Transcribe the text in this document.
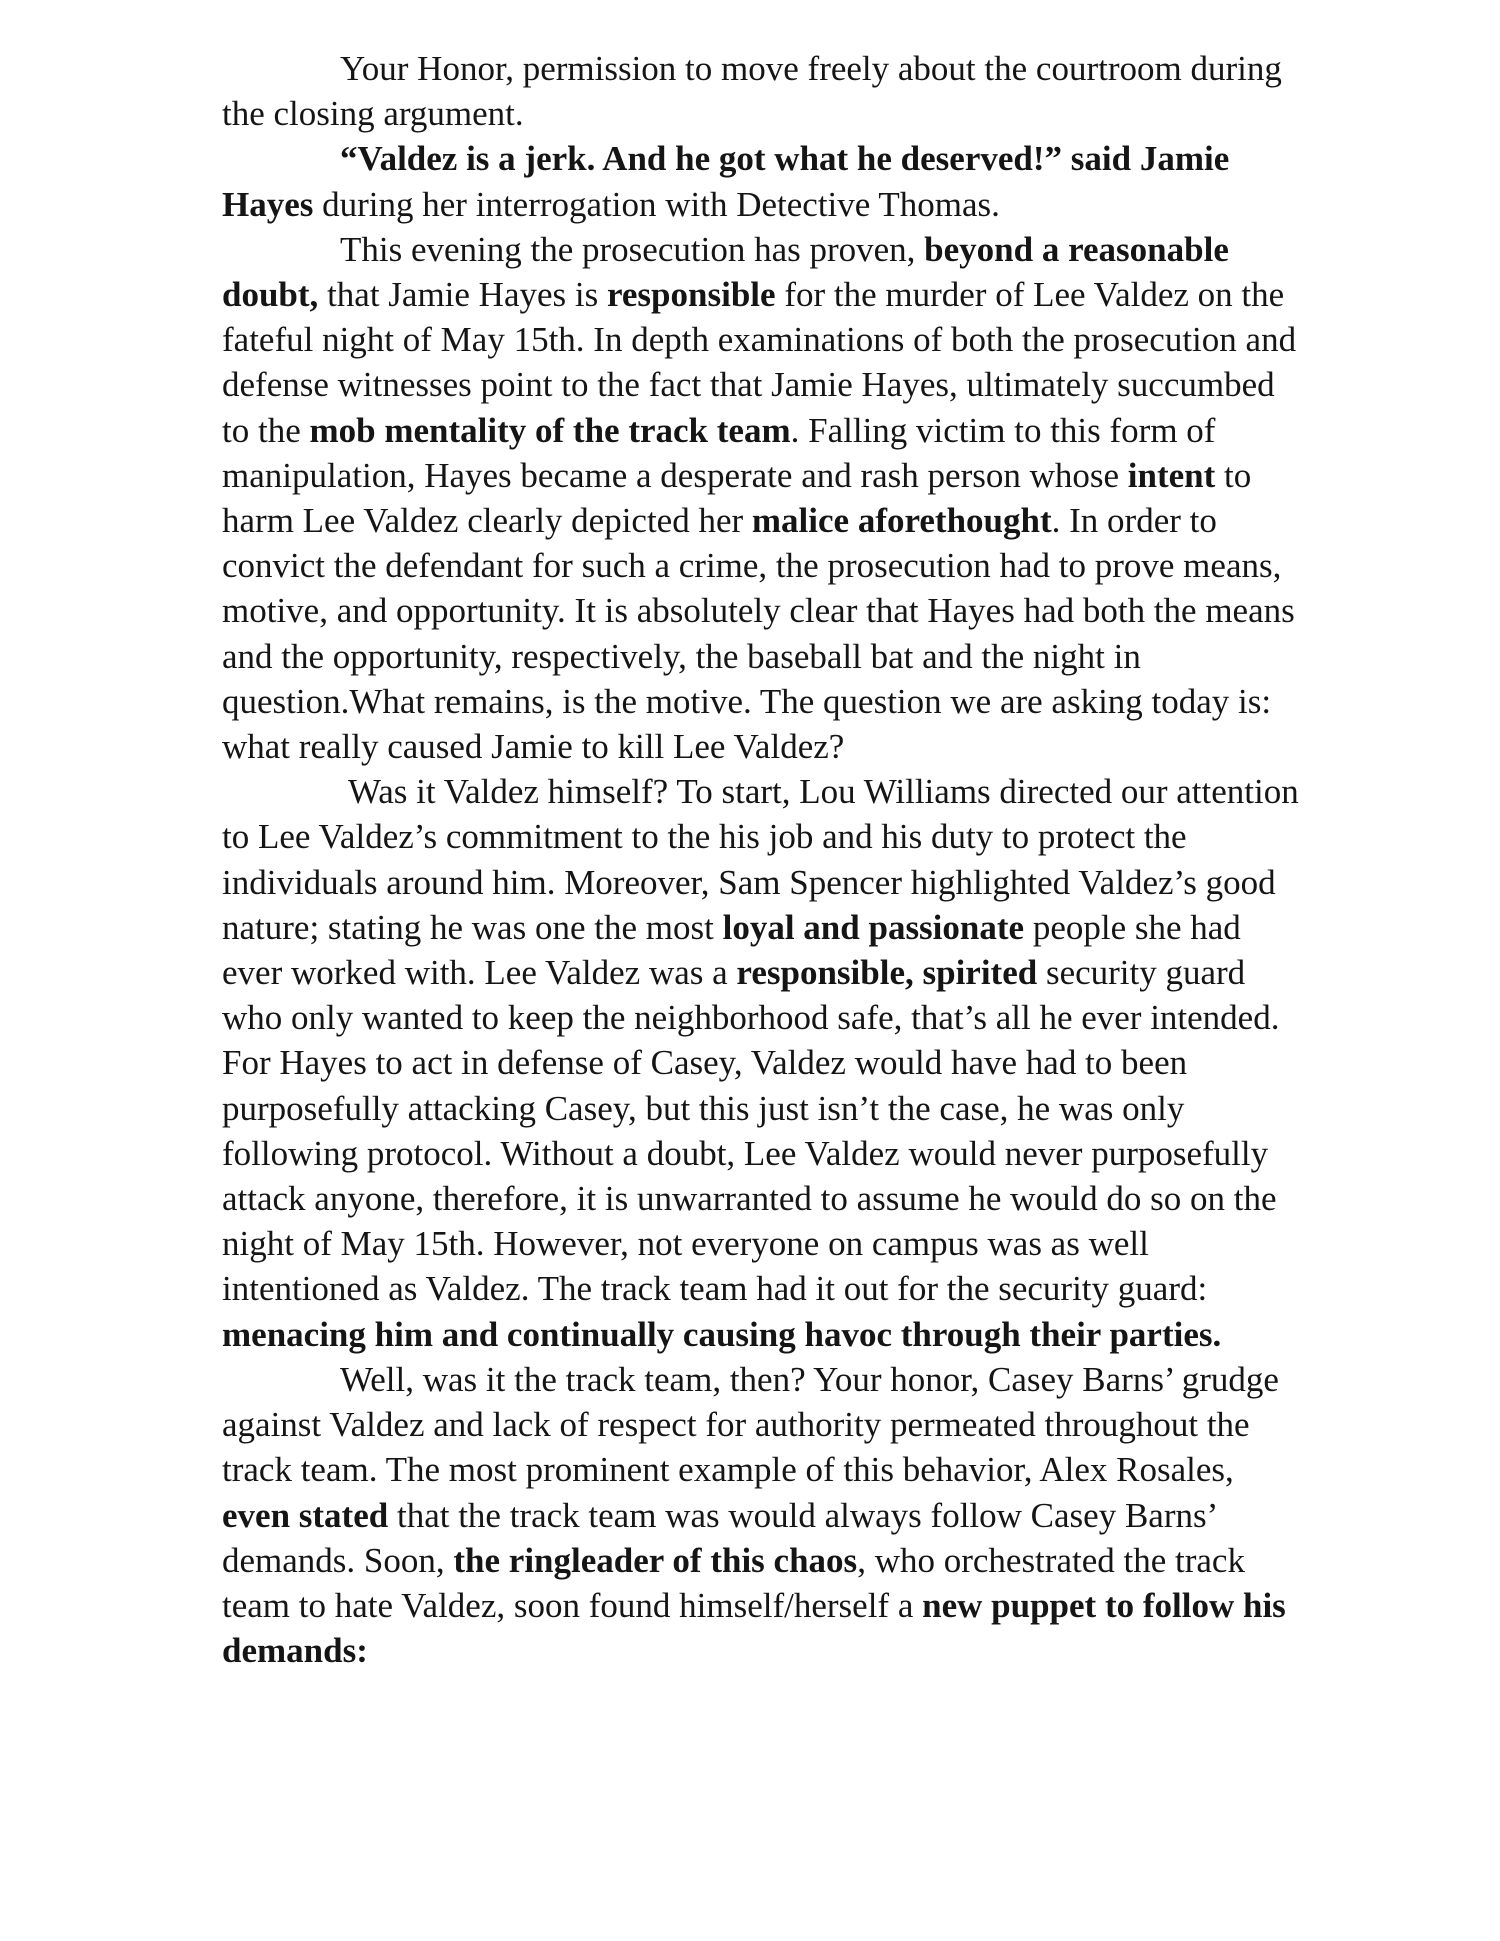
Your Honor, permission to move freely about the courtroom during the closing argument.

“Valdez is a jerk. And he got what he deserved!” said Jamie Hayes during her interrogation with Detective Thomas.

This evening the prosecution has proven, beyond a reasonable doubt, that Jamie Hayes is responsible for the murder of Lee Valdez on the fateful night of May 15th. In depth examinations of both the prosecution and defense witnesses point to the fact that Jamie Hayes, ultimately succumbed to the mob mentality of the track team. Falling victim to this form of manipulation, Hayes became a desperate and rash person whose intent to harm Lee Valdez clearly depicted her malice aforethought. In order to convict the defendant for such a crime, the prosecution had to prove means, motive, and opportunity. It is absolutely clear that Hayes had both the means and the opportunity, respectively, the baseball bat and the night in question.What remains, is the motive. The question we are asking today is: what really caused Jamie to kill Lee Valdez?

Was it Valdez himself? To start, Lou Williams directed our attention to Lee Valdez’s commitment to the his job and his duty to protect the individuals around him. Moreover, Sam Spencer highlighted Valdez’s good nature; stating he was one the most loyal and passionate people she had ever worked with. Lee Valdez was a responsible, spirited security guard who only wanted to keep the neighborhood safe, that’s all he ever intended. For Hayes to act in defense of Casey, Valdez would have had to been purposefully attacking Casey, but this just isn’t the case, he was only following protocol. Without a doubt, Lee Valdez would never purposefully attack anyone, therefore, it is unwarranted to assume he would do so on the night of May 15th. However, not everyone on campus was as well intentioned as Valdez. The track team had it out for the security guard: menacing him and continually causing havoc through their parties.

Well, was it the track team, then? Your honor, Casey Barns’ grudge against Valdez and lack of respect for authority permeated throughout the track team. The most prominent example of this behavior, Alex Rosales, even stated that the track team was would always follow Casey Barns’ demands. Soon, the ringleader of this chaos, who orchestrated the track team to hate Valdez, soon found himself/herself a new puppet to follow his demands:
